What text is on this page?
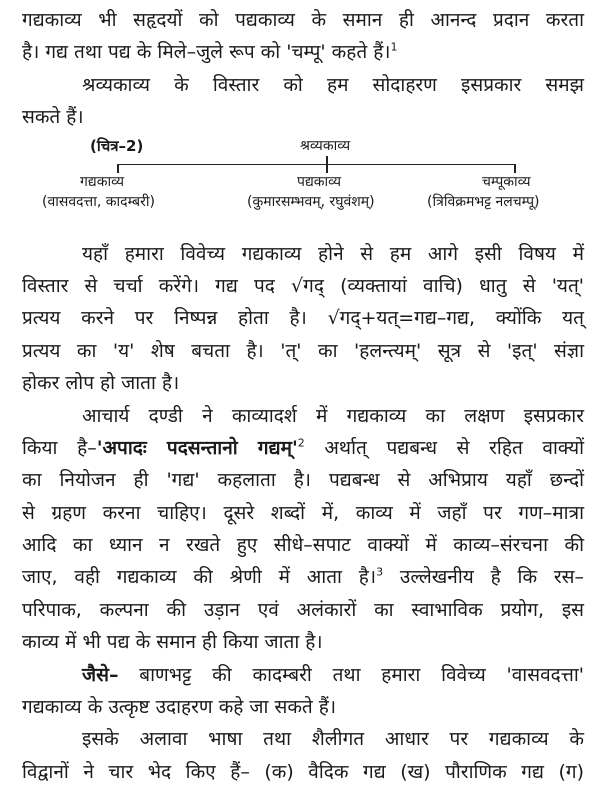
गद्यकाव्य भी सहृदयों को पद्यकाव्य के समान ही आनन्द प्रदान करता
है। गद्य तथा पद्य के मिले–जुले रूप को 'चम्पू' कहते हैं।$^1$
श्रव्यकाव्य के विस्तार को हम सोदाहरण इसप्रकार समझ
सकते हैं।
(चित्र–2)	श्रव्यकाव्य
गद्यकाव्य
(वासवदत्ता, कादम्बरी)
पद्यकाव्य
(कुमारसम्भवम्, रघुवंशम्)
चम्पूकाव्य
(त्रिविक्रमभट्ट नलचम्पू)
यहाँ हमारा विवेच्य गद्यकाव्य होने से हम आगे इसी विषय में
विस्तार से चर्चा करेंगे। गद्य पद √गद् (व्यक्तायां वाचि) धातु से 'यत्'
प्रत्यय करने पर निष्पन्न होता है। √गद्+यत्=गद्य–गद्य, क्योंकि यत्
प्रत्यय का 'य' शेष बचता है। 'त्' का 'हलन्त्यम्' सूत्र से 'इत्' संज्ञा
होकर लोप हो जाता है।
आचार्य दण्डी ने काव्यादर्श में गद्यकाव्य का लक्षण इसप्रकार
किया है–'अपादः पदसन्तानो $गद्यम्'^2$ अर्थात् पद्यबन्ध से रहित वाक्यों
का नियोजन ही 'गद्य' कहलाता है। पद्यबन्ध से अभिप्राय यहाँ छन्दों
से ग्रहण करना चाहिए। दूसरे शब्दों में, काव्य में जहाँ पर गण–मात्रा
आदि का ध्यान न रखते हुए सीधे–सपाट वाक्यों में काव्य–संरचना की
जाए, वही गद्यकाव्य की श्रेणी में आता है।$^3$ उल्लेखनीय है कि रस–
परिपाक, कल्पना की उड़ान एवं अलंकारों का स्वाभाविक प्रयोग, इस
काव्य में भी पद्य के समान ही किया जाता है।
जैसे– बाणभट्ट की कादम्बरी तथा हमारा विवेच्य 'वासवदत्ता'
गद्यकाव्य के उत्कृष्ट उदाहरण कहे जा सकते हैं।
इसके अलावा भाषा तथा शैलीगत आधार पर गद्यकाव्य के
विद्वानों ने चार भेद किए हैं– (क) वैदिक गद्य (ख) पौराणिक गद्य (ग)
